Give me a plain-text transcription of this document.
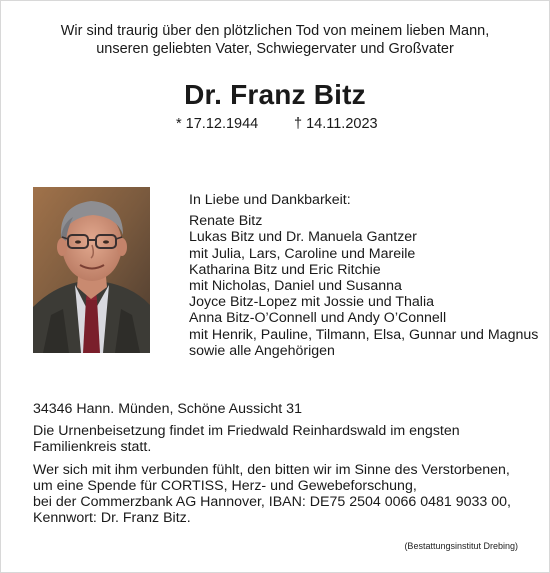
Wir sind traurig über den plötzlichen Tod von meinem lieben Mann,
unseren geliebten Vater, Schwiegervater und Großvater
Dr. Franz Bitz
* 17.12.1944 † 14.11.2023
In Liebe und Dankbarkeit:
Renate Bitz
Lukas Bitz und Dr. Manuela Gantzer
mit Julia, Lars, Caroline und Mareile
Katharina Bitz und Eric Ritchie
mit Nicholas, Daniel und Susanna
Joyce Bitz-Lopez mit Jossie und Thalia
Anna Bitz-O’Connell und Andy O’Connell
mit Henrik, Pauline, Tilmann, Elsa, Gunnar und Magnus
sowie alle Angehörigen
34346 Hann. Münden, Schöne Aussicht 31
Die Urnenbeisetzung findet im Friedwald Reinhardswald im engsten
Familienkreis statt.
Wer sich mit ihm verbunden fühlt, den bitten wir im Sinne des Verstorbenen,
um eine Spende für CORTISS, Herz- und Gewebeforschung,
bei der Commerzbank AG Hannover, IBAN: DE75 2504 0066 0481 9033 00,
Kennwort: Dr. Franz Bitz.
(Bestattungsinstitut Drebing)
